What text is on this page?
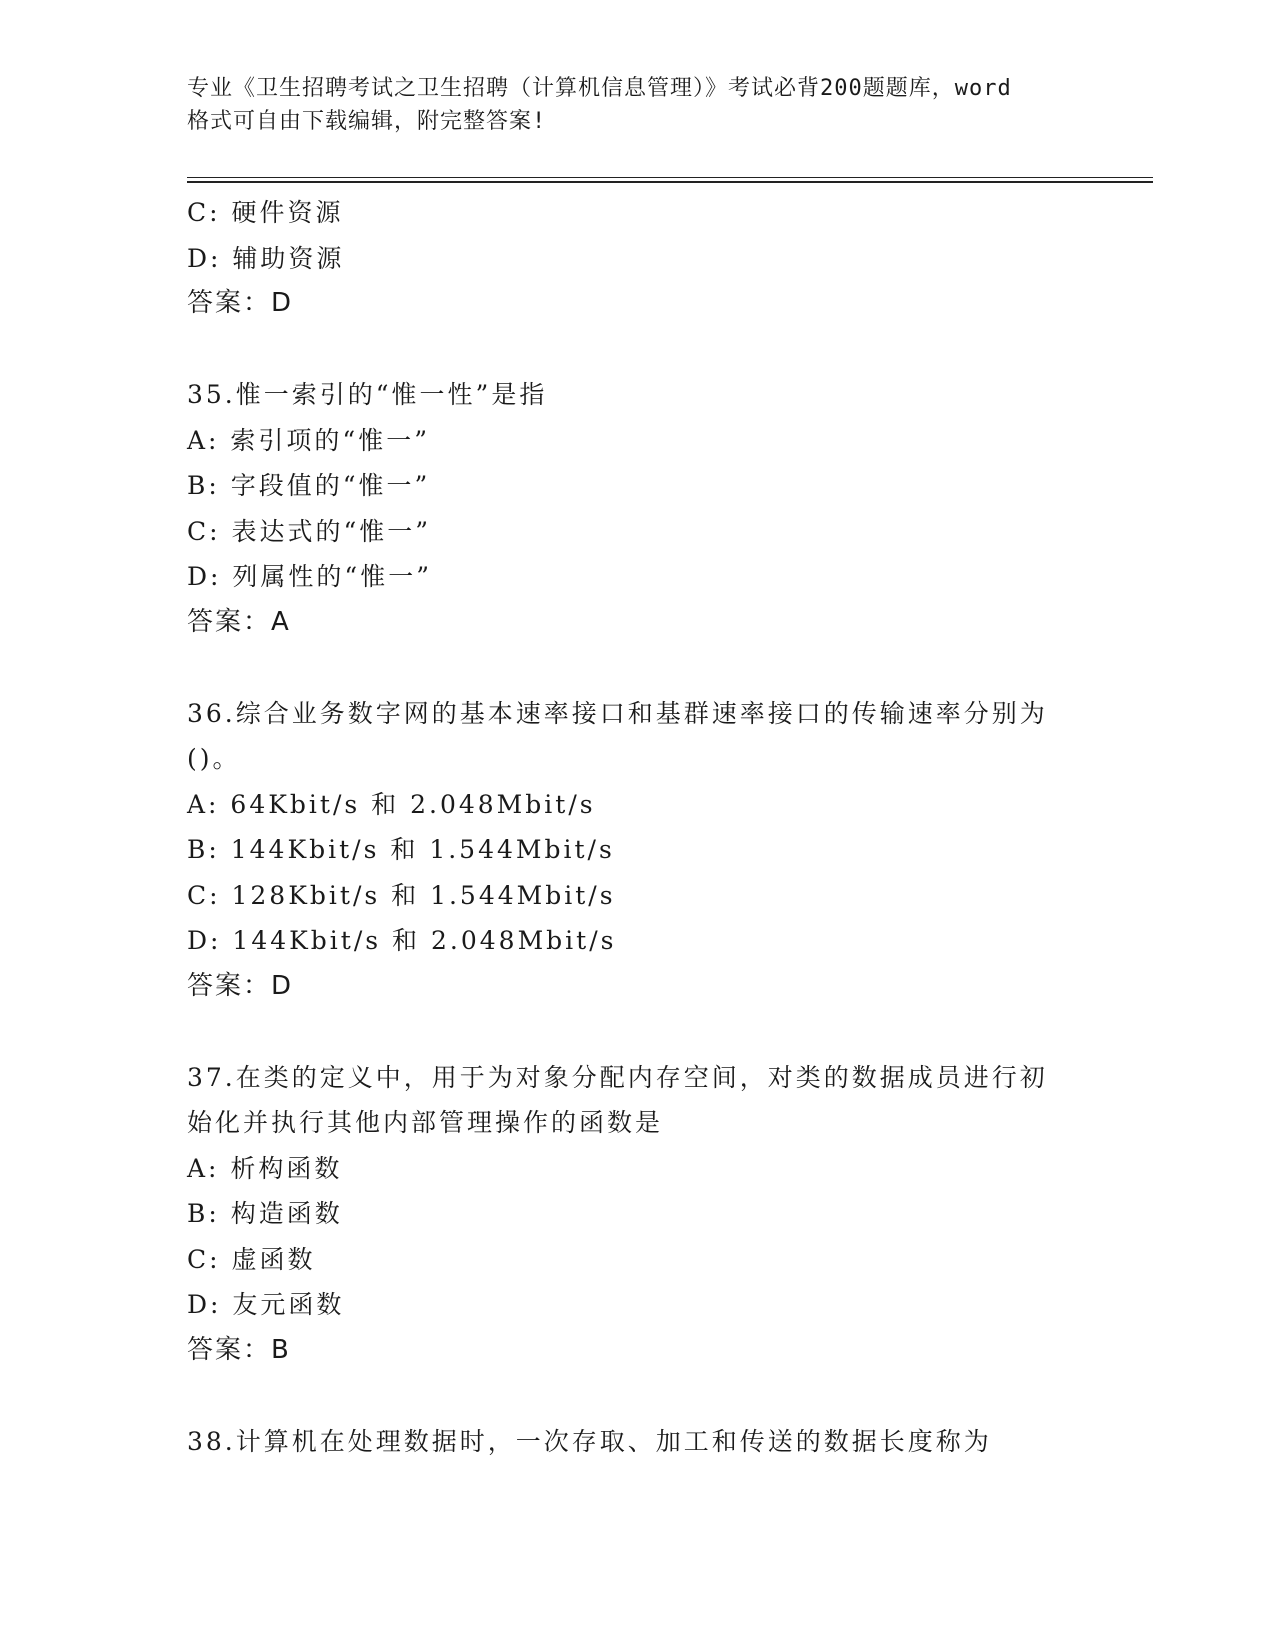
专业《卫生招聘考试之卫生招聘（计算机信息管理）》考试必背200题题库，word
格式可自由下载编辑，附完整答案!
C: 硬件资源
D: 辅助资源
答案：D
35.惟一索引的“惟一性”是指
A: 索引项的“惟一”
B: 字段值的“惟一”
C: 表达式的“惟一”
D: 列属性的“惟一”
答案：A
36.综合业务数字网的基本速率接口和基群速率接口的传输速率分别为
()。
A: 64Kbit/s 和 2.048Mbit/s
B: 144Kbit/s 和 1.544Mbit/s
C: 128Kbit/s 和 1.544Mbit/s
D: 144Kbit/s 和 2.048Mbit/s
答案：D
37.在类的定义中，用于为对象分配内存空间，对类的数据成员进行初
始化并执行其他内部管理操作的函数是
A: 析构函数
B: 构造函数
C: 虚函数
D: 友元函数
答案：B
38.计算机在处理数据时，一次存取、加工和传送的数据长度称为
